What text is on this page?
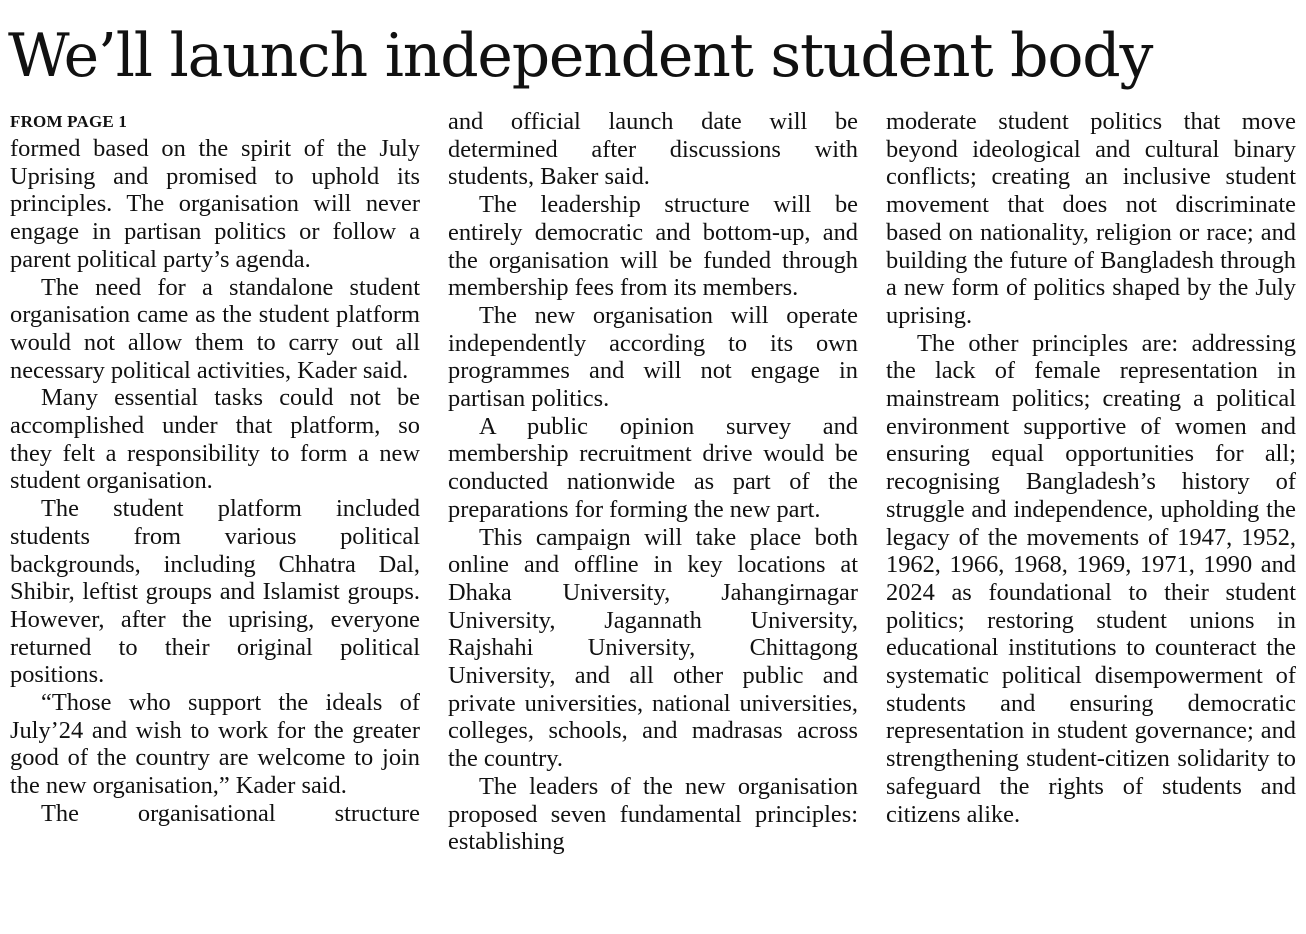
We’ll launch independent student body
FROM PAGE 1

formed based on the spirit of the July Uprising and promised to uphold its principles. The organisation will never engage in partisan politics or follow a parent political party’s agenda.

The need for a standalone student organisation came as the student platform would not allow them to carry out all necessary political activities, Kader said.

Many essential tasks could not be accomplished under that platform, so they felt a responsibility to form a new student organisation.

The student platform included students from various political backgrounds, including Chhatra Dal, Shibir, leftist groups and Islamist groups. However, after the uprising, everyone returned to their original political positions.

“Those who support the ideals of July’24 and wish to work for the greater good of the country are welcome to join the new organisation,” Kader said.

The organisational structure

and official launch date will be determined after discussions with students, Baker said.

The leadership structure will be entirely democratic and bottom-up, and the organisation will be funded through membership fees from its members.

The new organisation will operate independently according to its own programmes and will not engage in partisan politics.

A public opinion survey and membership recruitment drive would be conducted nationwide as part of the preparations for forming the new part.

This campaign will take place both online and offline in key locations at Dhaka University, Jahangirnagar University, Jagannath University, Rajshahi University, Chittagong University, and all other public and private universities, national universities, colleges, schools, and madrasas across the country.

The leaders of the new organisation proposed seven fundamental principles: establishing

moderate student politics that move beyond ideological and cultural binary conflicts; creating an inclusive student movement that does not discriminate based on nationality, religion or race; and building the future of Bangladesh through a new form of politics shaped by the July uprising.

The other principles are: addressing the lack of female representation in mainstream politics; creating a political environment supportive of women and ensuring equal opportunities for all; recognising Bangladesh’s history of struggle and independence, upholding the legacy of the movements of 1947, 1952, 1962, 1966, 1968, 1969, 1971, 1990 and 2024 as foundational to their student politics; restoring student unions in educational institutions to counteract the systematic political disempowerment of students and ensuring democratic representation in student governance; and strengthening student-citizen solidarity to safeguard the rights of students and citizens alike.
